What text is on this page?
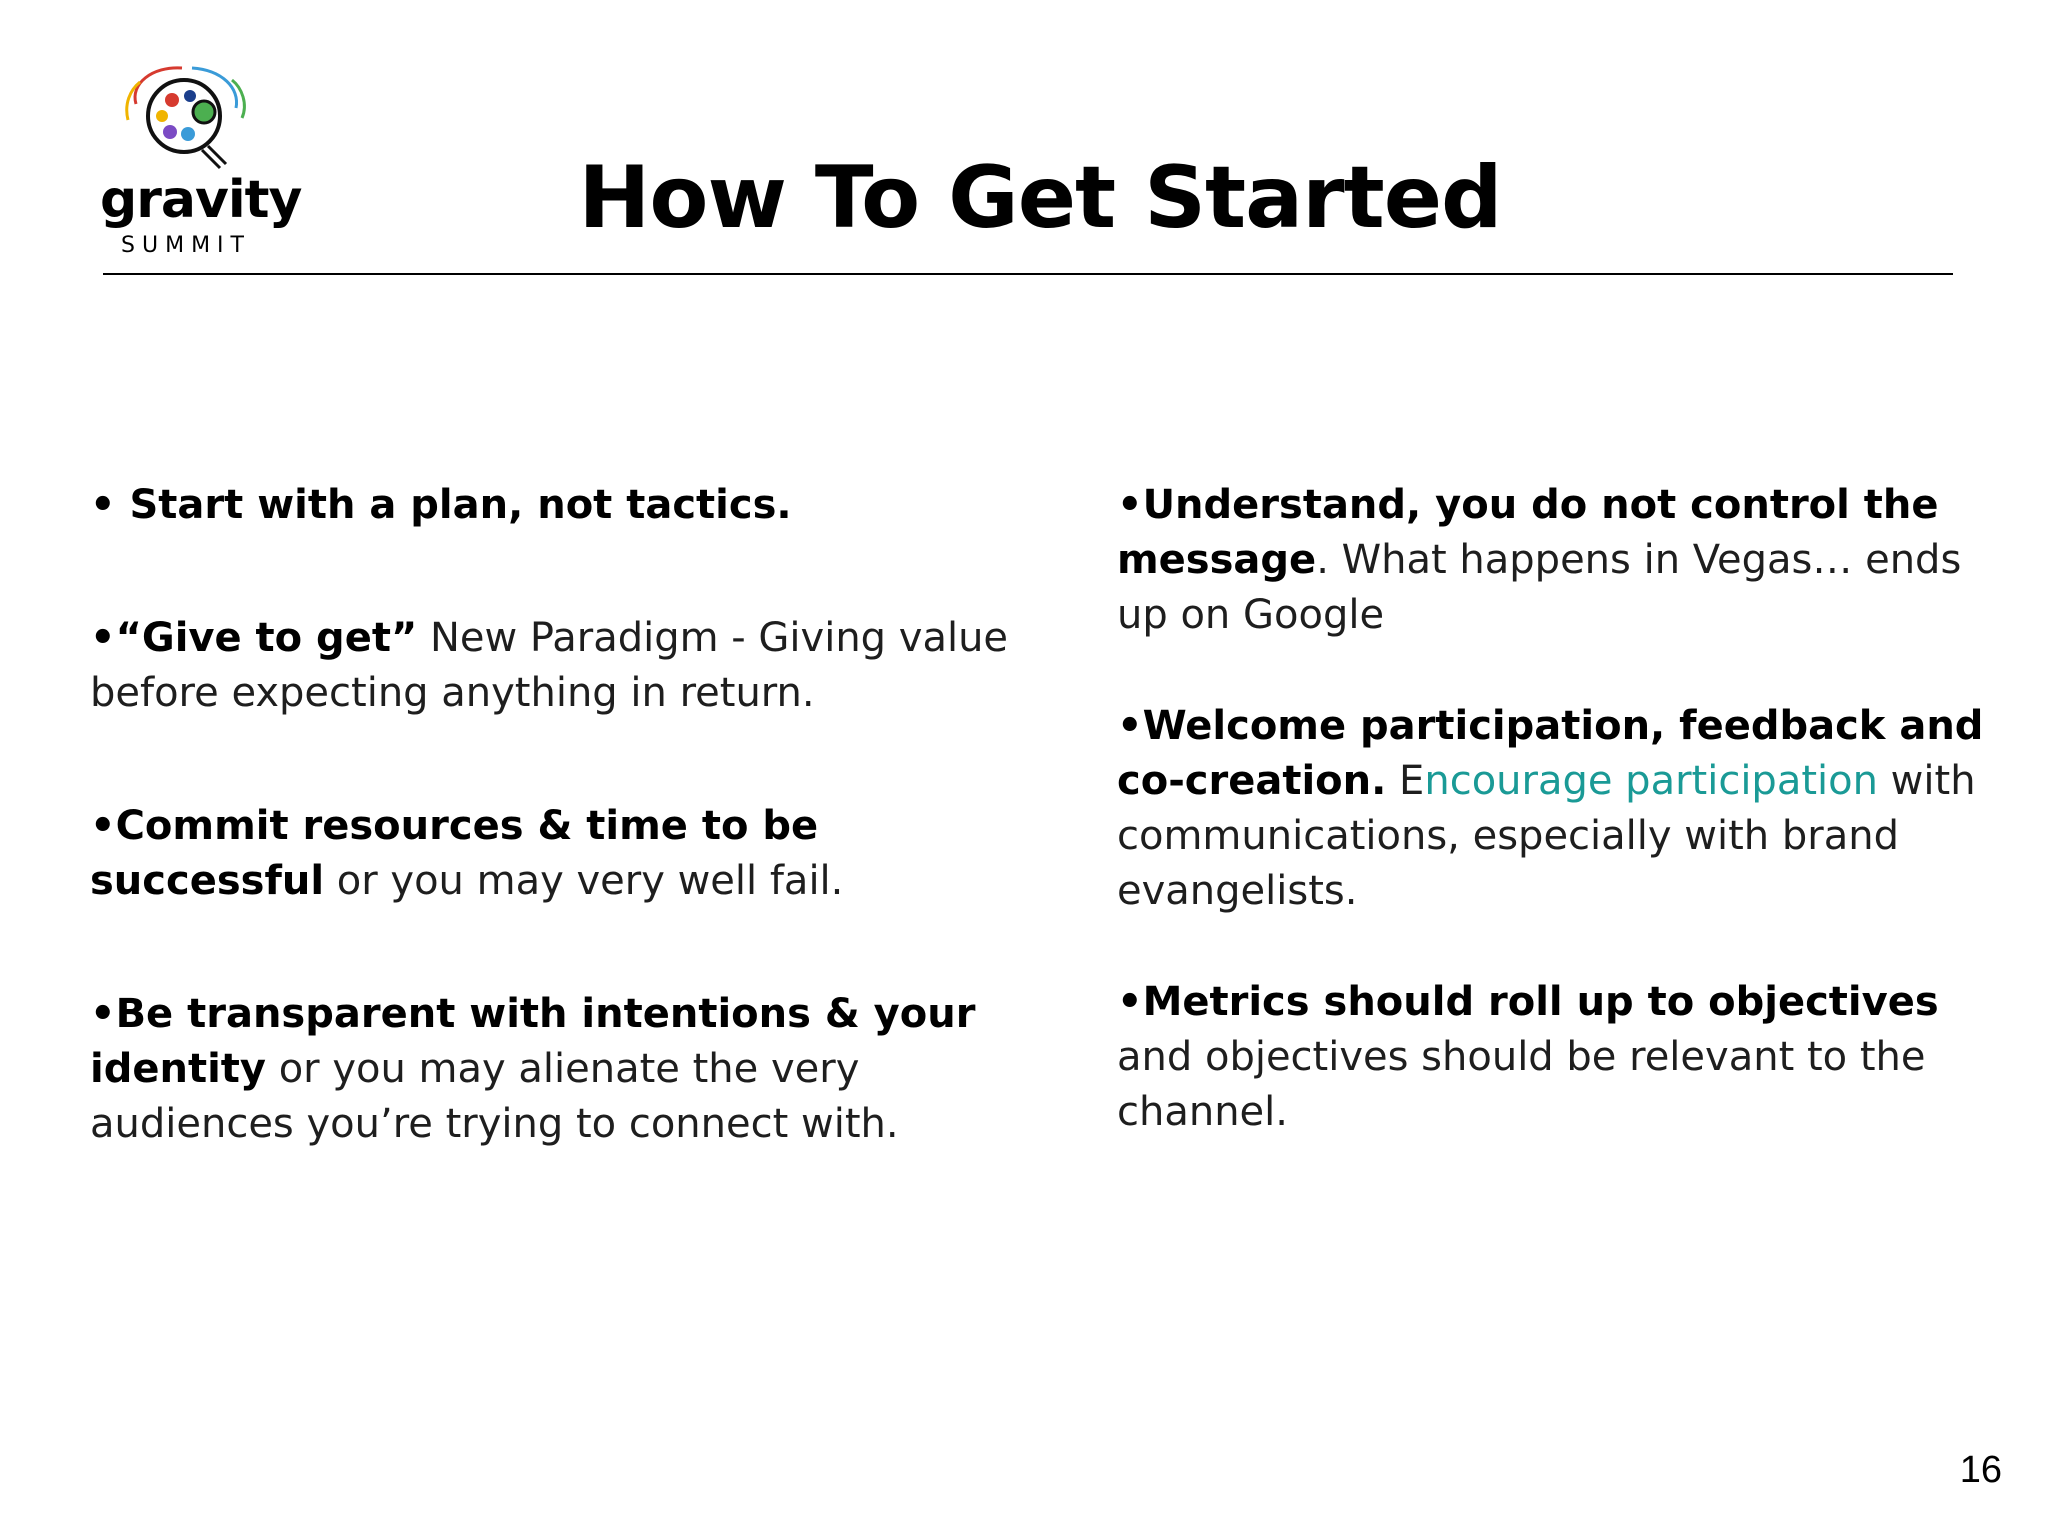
gravity
SUMMIT	How To Get Started

• Start with a plan, not tactics.

•“Give to get” New Paradigm - Giving value before expecting anything in return.

•Commit resources & time to be successful or you may very well fail.

•Be transparent with intentions & your identity or you may alienate the very audiences you’re trying to connect with.

•Understand, you do not control the message. What happens in Vegas… ends up on Google

•Welcome participation, feedback and co-creation. Encourage participation with communications, especially with brand evangelists.

•Metrics should roll up to objectives and objectives should be relevant to the channel.

16
